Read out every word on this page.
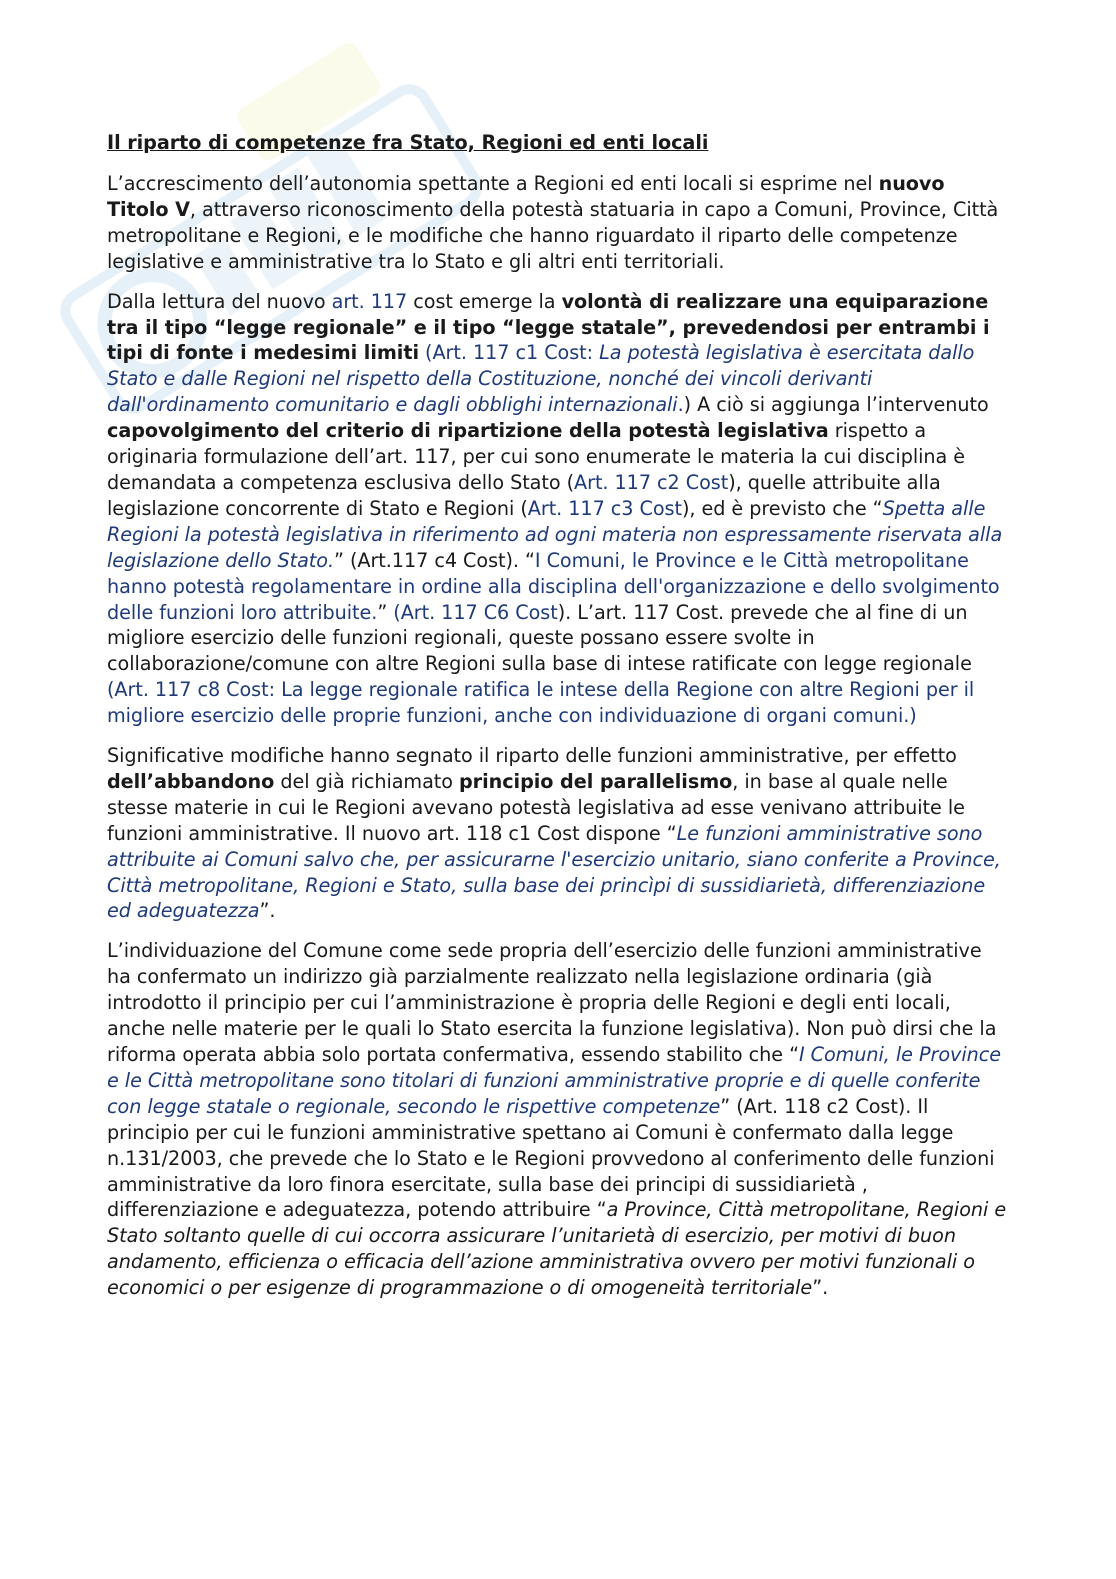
Il riparto di competenze fra Stato, Regioni ed enti locali

L’accrescimento dell’autonomia spettante a Regioni ed enti locali si esprime nel nuovo Titolo V, attraverso riconoscimento della potestà statuaria in capo a Comuni, Province, Città metropolitane e Regioni, e le modifiche che hanno riguardato il riparto delle competenze legislative e amministrative tra lo Stato e gli altri enti territoriali.

Dalla lettura del nuovo art. 117 cost emerge la volontà di realizzare una equiparazione tra il tipo “legge regionale” e il tipo “legge statale”, prevedendosi per entrambi i tipi di fonte i medesimi limiti (Art. 117 c1 Cost: La potestà legislativa è esercitata dallo Stato e dalle Regioni nel rispetto della Costituzione, nonché dei vincoli derivanti dall'ordinamento comunitario e dagli obblighi internazionali.) A ciò si aggiunga l’intervenuto capovolgimento del criterio di ripartizione della potestà legislativa rispetto a originaria formulazione dell’art. 117, per cui sono enumerate le materia la cui disciplina è demandata a competenza esclusiva dello Stato (Art. 117 c2 Cost), quelle attribuite alla legislazione concorrente di Stato e Regioni (Art. 117 c3 Cost), ed è previsto che “Spetta alle Regioni la potestà legislativa in riferimento ad ogni materia non espressamente riservata alla legislazione dello Stato.” (Art.117 c4 Cost). “I Comuni, le Province e le Città metropolitane hanno potestà regolamentare in ordine alla disciplina dell'organizzazione e dello svolgimento delle funzioni loro attribuite.” (Art. 117 C6 Cost). L’art. 117 Cost. prevede che al fine di un migliore esercizio delle funzioni regionali, queste possano essere svolte in collaborazione/comune con altre Regioni sulla base di intese ratificate con legge regionale (Art. 117 c8 Cost: La legge regionale ratifica le intese della Regione con altre Regioni per il migliore esercizio delle proprie funzioni, anche con individuazione di organi comuni.)

Significative modifiche hanno segnato il riparto delle funzioni amministrative, per effetto dell’abbandono del già richiamato principio del parallelismo, in base al quale nelle stesse materie in cui le Regioni avevano potestà legislativa ad esse venivano attribuite le funzioni amministrative. Il nuovo art. 118 c1 Cost dispone “Le funzioni amministrative sono attribuite ai Comuni salvo che, per assicurarne l'esercizio unitario, siano conferite a Province, Città metropolitane, Regioni e Stato, sulla base dei princìpi di sussidiarietà, differenziazione ed adeguatezza”.

L’individuazione del Comune come sede propria dell’esercizio delle funzioni amministrative ha confermato un indirizzo già parzialmente realizzato nella legislazione ordinaria (già introdotto il principio per cui l’amministrazione è propria delle Regioni e degli enti locali, anche nelle materie per le quali lo Stato esercita la funzione legislativa). Non può dirsi che la riforma operata abbia solo portata confermativa, essendo stabilito che “I Comuni, le Province e le Città metropolitane sono titolari di funzioni amministrative proprie e di quelle conferite con legge statale o regionale, secondo le rispettive competenze” (Art. 118 c2 Cost). Il principio per cui le funzioni amministrative spettano ai Comuni è confermato dalla legge n.131/2003, che prevede che lo Stato e le Regioni provvedono al conferimento delle funzioni amministrative da loro finora esercitate, sulla base dei principi di sussidiarietà , differenziazione e adeguatezza, potendo attribuire “a Province, Città metropolitane, Regioni e Stato soltanto quelle di cui occorra assicurare l’unitarietà di esercizio, per motivi di buon andamento, efficienza o efficacia dell’azione amministrativa ovvero per motivi funzionali o economici o per esigenze di programmazione o di omogeneità territoriale”.
